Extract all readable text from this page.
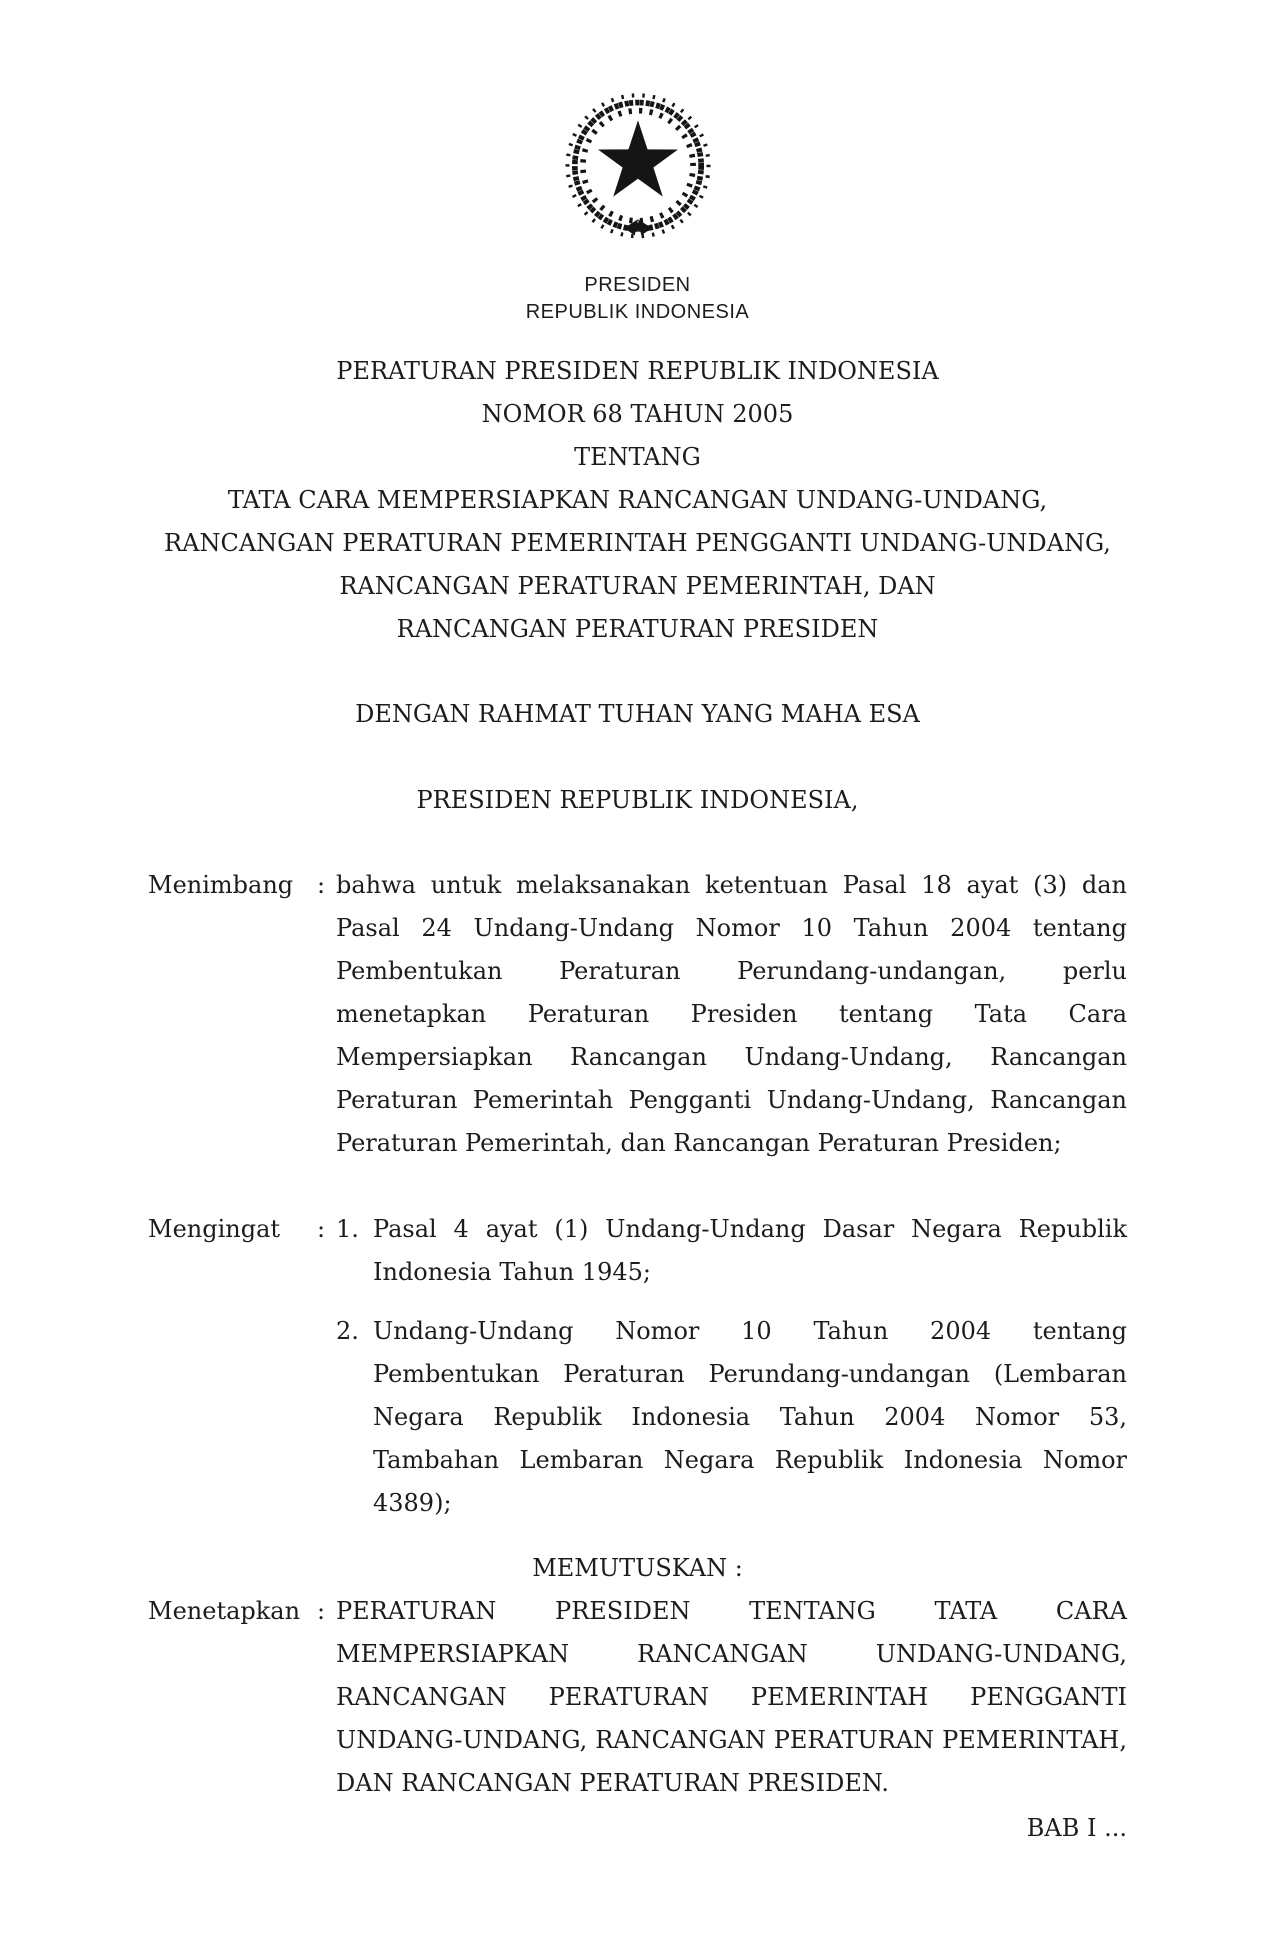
PRESIDEN
REPUBLIK INDONESIA
PERATURAN PRESIDEN REPUBLIK INDONESIA
NOMOR 68 TAHUN 2005
TENTANG
TATA CARA MEMPERSIAPKAN RANCANGAN UNDANG-UNDANG,
RANCANGAN PERATURAN PEMERINTAH PENGGANTI UNDANG-UNDANG,
RANCANGAN PERATURAN PEMERINTAH, DAN
RANCANGAN PERATURAN PRESIDEN
DENGAN RAHMAT TUHAN YANG MAHA ESA
PRESIDEN REPUBLIK INDONESIA,
Menimbang : bahwa untuk melaksanakan ketentuan Pasal 18 ayat (3) dan Pasal 24 Undang-Undang Nomor 10 Tahun 2004 tentang Pembentukan Peraturan Perundang-undangan, perlu menetapkan Peraturan Presiden tentang Tata Cara Mempersiapkan Rancangan Undang-Undang, Rancangan Peraturan Pemerintah Pengganti Undang-Undang, Rancangan Peraturan Pemerintah, dan Rancangan Peraturan Presiden;
Mengingat	: 1. Pasal 4 ayat (1) Undang-Undang Dasar Negara Republik Indonesia Tahun 1945;
2. Undang-Undang Nomor 10 Tahun 2004 tentang Pembentukan Peraturan Perundang-undangan (Lembaran Negara Republik Indonesia Tahun 2004 Nomor 53, Tambahan Lembaran Negara Republik Indonesia Nomor 4389);
MEMUTUSKAN :
Menetapkan : PERATURAN PRESIDEN TENTANG TATA CARA MEMPERSIAPKAN RANCANGAN UNDANG-UNDANG, RANCANGAN PERATURAN PEMERINTAH PENGGANTI UNDANG-UNDANG, RANCANGAN PERATURAN PEMERINTAH, DAN RANCANGAN PERATURAN PRESIDEN.
BAB I ...
